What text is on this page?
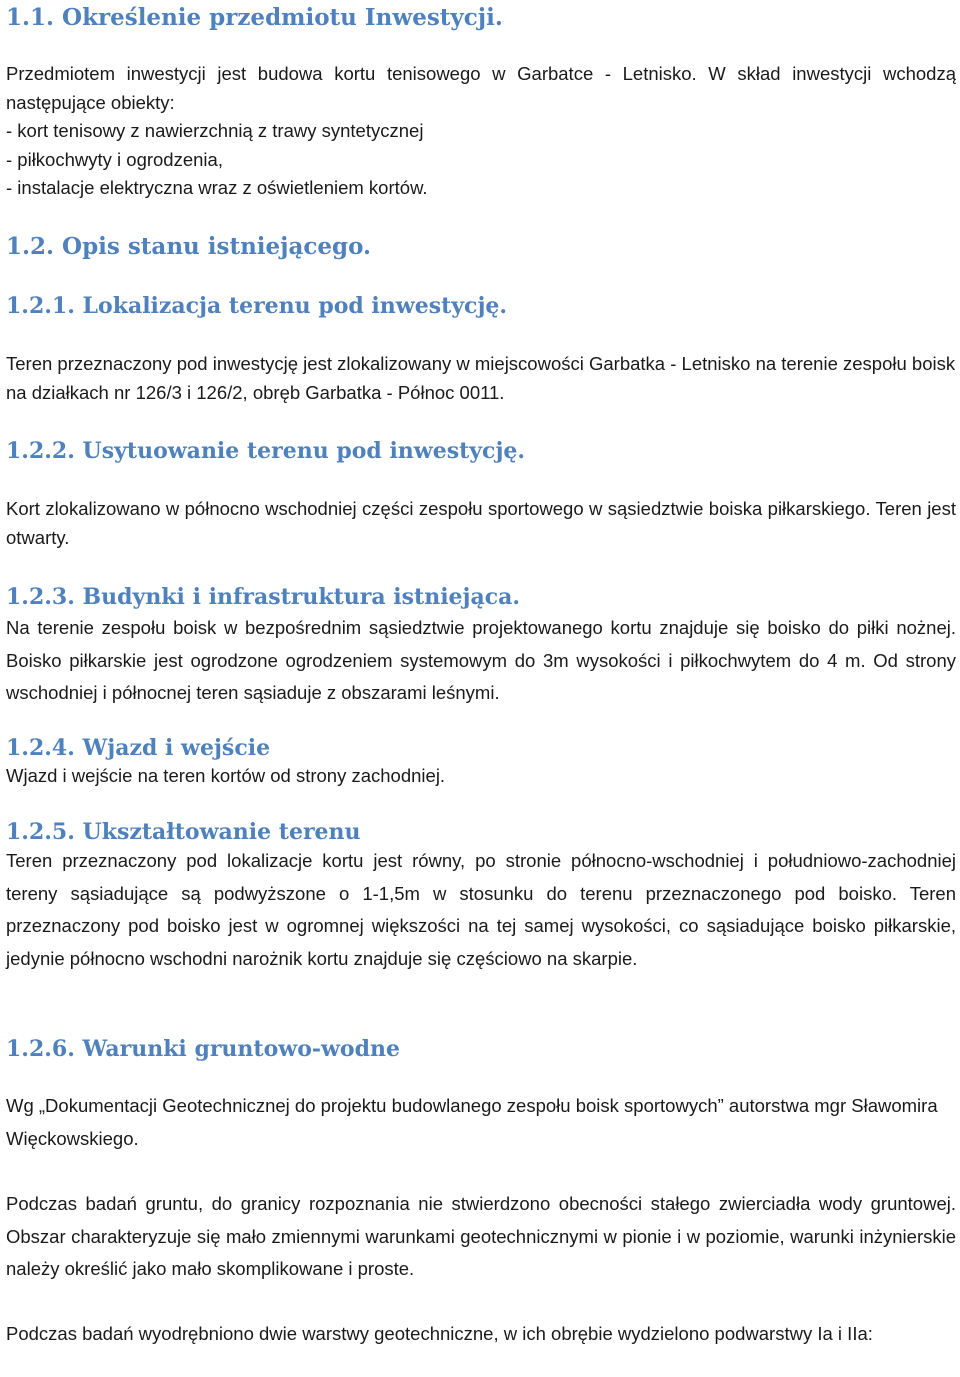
1.1. Określenie przedmiotu Inwestycji.

Przedmiotem inwestycji jest budowa kortu tenisowego w Garbatce - Letnisko. W skład inwestycji wchodzą następujące obiekty:

- kort tenisowy z nawierzchnią z trawy syntetycznej

- piłkochwyty i ogrodzenia,

- instalacje elektryczna wraz z oświetleniem kortów.

1.2. Opis stanu istniejącego.
1.2.1. Lokalizacja terenu pod inwestycję.

Teren przeznaczony pod inwestycję jest zlokalizowany w miejscowości Garbatka - Letnisko na terenie zespołu boisk na działkach nr 126/3 i 126/2, obręb Garbatka - Północ 0011.

1.2.2. Usytuowanie terenu pod inwestycję.

Kort zlokalizowano w północno wschodniej części zespołu sportowego w sąsiedztwie boiska piłkarskiego. Teren jest otwarty.

1.2.3. Budynki i infrastruktura istniejąca.

Na terenie zespołu boisk w bezpośrednim sąsiedztwie projektowanego kortu znajduje się boisko do piłki nożnej. Boisko piłkarskie jest ogrodzone ogrodzeniem systemowym do 3m wysokości i piłkochwytem do 4 m. Od strony wschodniej i północnej teren sąsiaduje z obszarami leśnymi.

1.2.4. Wjazd i wejście

Wjazd i wejście na teren kortów od strony zachodniej.

1.2.5. Ukształtowanie terenu

Teren przeznaczony pod lokalizacje kortu jest równy, po stronie północno-wschodniej i południowo-zachodniej tereny sąsiadujące są podwyższone o 1-1,5m w stosunku do terenu przeznaczonego pod boisko. Teren przeznaczony pod boisko jest w ogromnej większości na tej samej wysokości, co sąsiadujące boisko piłkarskie, jedynie północno wschodni narożnik kortu znajduje się częściowo na skarpie.

1.2.6. Warunki gruntowo-wodne

Wg „Dokumentacji Geotechnicznej do projektu budowlanego zespołu boisk sportowych” autorstwa mgr Sławomira Więckowskiego.

Podczas badań gruntu, do granicy rozpoznania nie stwierdzono obecności stałego zwierciadła wody gruntowej. Obszar charakteryzuje się mało zmiennymi warunkami geotechnicznymi w pionie i w poziomie, warunki inżynierskie należy określić jako mało skomplikowane i proste.

Podczas badań wyodrębniono dwie warstwy geotechniczne, w ich obrębie wydzielono podwarstwy Ia i IIa:
